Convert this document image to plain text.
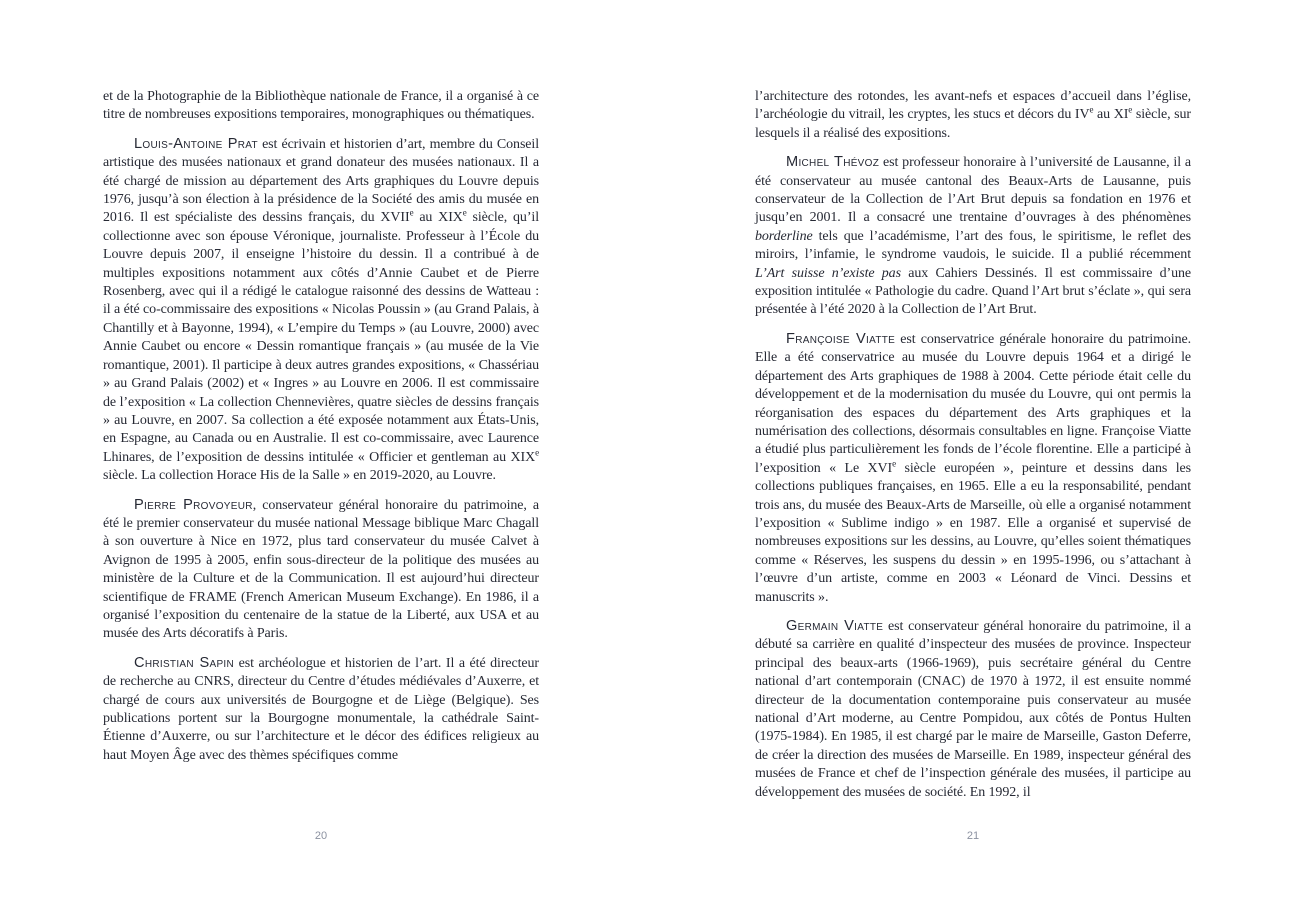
et de la Photographie de la Bibliothèque nationale de France, il a organisé à ce titre de nombreuses expositions temporaires, monographiques ou thématiques.

Louis-Antoine Prat est écrivain et historien d’art, membre du Conseil artistique des musées nationaux et grand donateur des musées nationaux. Il a été chargé de mission au département des Arts graphiques du Louvre depuis 1976, jusqu’à son élection à la présidence de la Société des amis du musée en 2016. Il est spécialiste des dessins français, du XVIIe au XIXe siècle, qu’il collectionne avec son épouse Véronique, journaliste. Professeur à l’École du Louvre depuis 2007, il enseigne l’histoire du dessin. Il a contribué à de multiples expositions notamment aux côtés d’Annie Caubet et de Pierre Rosenberg, avec qui il a rédigé le catalogue raisonné des dessins de Watteau : il a été co-commissaire des expositions « Nicolas Poussin » (au Grand Palais, à Chantilly et à Bayonne, 1994), « L’empire du Temps » (au Louvre, 2000) avec Annie Caubet ou encore « Dessin romantique français » (au musée de la Vie romantique, 2001). Il participe à deux autres grandes expositions, « Chassériau » au Grand Palais (2002) et « Ingres » au Louvre en 2006. Il est commissaire de l’exposition « La collection Chennevières, quatre siècles de dessins français » au Louvre, en 2007. Sa collection a été exposée notamment aux États-Unis, en Espagne, au Canada ou en Australie. Il est co-commissaire, avec Laurence Lhinares, de l’exposition de dessins intitulée « Officier et gentleman au XIXe siècle. La collection Horace His de la Salle » en 2019-2020, au Louvre.

Pierre Provoyeur, conservateur général honoraire du patrimoine, a été le premier conservateur du musée national Message biblique Marc Chagall à son ouverture à Nice en 1972, plus tard conservateur du musée Calvet à Avignon de 1995 à 2005, enfin sous-directeur de la politique des musées au ministère de la Culture et de la Communication. Il est aujourd’hui directeur scientifique de FRAME (French American Museum Exchange). En 1986, il a organisé l’exposition du centenaire de la statue de la Liberté, aux USA et au musée des Arts décoratifs à Paris.

Christian Sapin est archéologue et historien de l’art. Il a été directeur de recherche au CNRS, directeur du Centre d’études médiévales d’Auxerre, et chargé de cours aux universités de Bourgogne et de Liège (Belgique). Ses publications portent sur la Bourgogne monumentale, la cathédrale Saint-Étienne d’Auxerre, ou sur l’architecture et le décor des édifices religieux au haut Moyen Âge avec des thèmes spécifiques comme

l’architecture des rotondes, les avant-nefs et espaces d’accueil dans l’église, l’archéologie du vitrail, les cryptes, les stucs et décors du IVe au XIe siècle, sur lesquels il a réalisé des expositions.

Michel Thévoz est professeur honoraire à l’université de Lausanne, il a été conservateur au musée cantonal des Beaux-Arts de Lausanne, puis conservateur de la Collection de l’Art Brut depuis sa fondation en 1976 et jusqu’en 2001. Il a consacré une trentaine d’ouvrages à des phénomènes borderline tels que l’académisme, l’art des fous, le spiritisme, le reflet des miroirs, l’infamie, le syndrome vaudois, le suicide. Il a publié récemment L’Art suisse n’existe pas aux Cahiers Dessinés. Il est commissaire d’une exposition intitulée « Pathologie du cadre. Quand l’Art brut s’éclate », qui sera présentée à l’été 2020 à la Collection de l’Art Brut.

Françoise Viatte est conservatrice générale honoraire du patrimoine. Elle a été conservatrice au musée du Louvre depuis 1964 et a dirigé le département des Arts graphiques de 1988 à 2004. Cette période était celle du développement et de la modernisation du musée du Louvre, qui ont permis la réorganisation des espaces du département des Arts graphiques et la numérisation des collections, désormais consultables en ligne. Françoise Viatte a étudié plus particulièrement les fonds de l’école florentine. Elle a participé à l’exposition « Le XVIe siècle européen », peinture et dessins dans les collections publiques françaises, en 1965. Elle a eu la responsabilité, pendant trois ans, du musée des Beaux-Arts de Marseille, où elle a organisé notamment l’exposition « Sublime indigo » en 1987. Elle a organisé et supervisé de nombreuses expositions sur les dessins, au Louvre, qu’elles soient thématiques comme « Réserves, les suspens du dessin » en 1995-1996, ou s’attachant à l’œuvre d’un artiste, comme en 2003 « Léonard de Vinci. Dessins et manuscrits ».

Germain Viatte est conservateur général honoraire du patrimoine, il a débuté sa carrière en qualité d’inspecteur des musées de province. Inspecteur principal des beaux-arts (1966-1969), puis secrétaire général du Centre national d’art contemporain (CNAC) de 1970 à 1972, il est ensuite nommé directeur de la documentation contemporaine puis conservateur au musée national d’Art moderne, au Centre Pompidou, aux côtés de Pontus Hulten (1975-1984). En 1985, il est chargé par le maire de Marseille, Gaston Deferre, de créer la direction des musées de Marseille. En 1989, inspecteur général des musées de France et chef de l’inspection générale des musées, il participe au développement des musées de société. En 1992, il

20	21
